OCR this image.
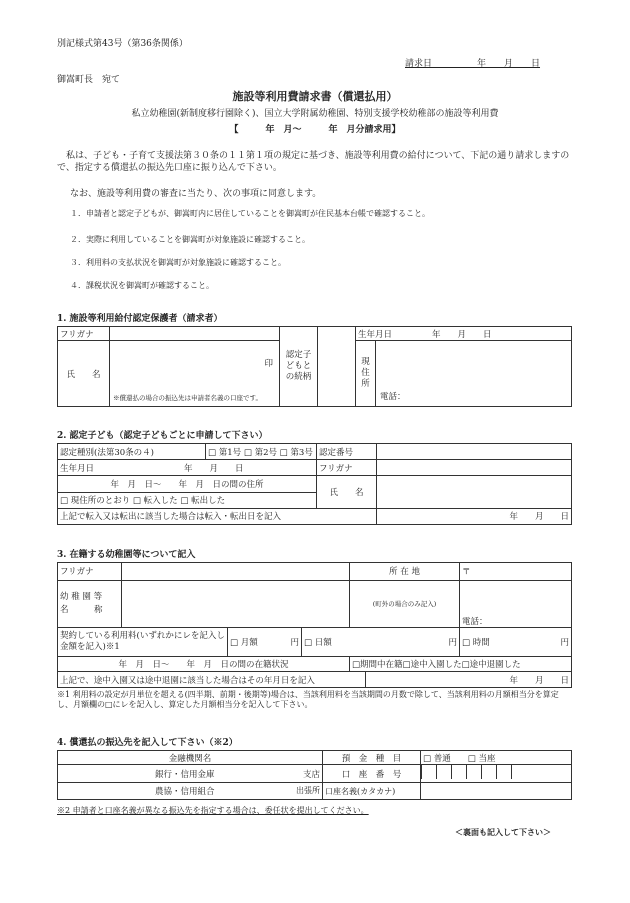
別記様式第43号（第36条関係）
請求日　　　　　年　　月　　日
御嵩町長　宛て
施設等利用費請求書（償還払用）
私立幼稚園(新制度移行園除く)、国立大学附属幼稚園、特別支援学校幼稚部の施設等利用費
【　　　年　月～　　　年　月分請求用】
私は、子ども・子育て支援法第３０条の１１第１項の規定に基づき、施設等利用費の給付について、下記の通り請求しますので、指定する償還払の振込先口座に振り込んで下さい。
なお、施設等利用費の審査に当たり、次の事項に同意します。
１．申請者と認定子どもが、御嵩町内に居住していることを御嵩町が住民基本台帳で確認すること。
２．実際に利用していることを御嵩町が対象施設に確認すること。
３．利用料の支払状況を御嵩町が対象施設に確認すること。
４．課税状況を御嵩町が確認すること。
1. 施設等利用給付認定保護者（請求者）
フリガナ		認定子どもとの続柄		生年月日 年　　月　　日	
氏　　名	印
※償還払の場合の振込先は申請者名義の口座です。			現住所	電話：
2. 認定子ども（認定子どもごとに申請して下さい）
認定種別(法第30条の４)	□ 第1号 □ 第2号 □ 第3号	認定番号	
生年月日 年　　月　　日		フリガナ	
年　月　日～　　年　月　日の間の住所		氏　　名	
□ 現住所のとおり □ 転入した □ 転出した			
上記で転入又は転出に該当した場合は転入・転出日を記入			年　　月　　日
3. 在籍する幼稚園等について記入
フリガナ				所 在 地		〒
幼 稚 園 等
名　　　称				(町外の場合のみ記入)		電話：
契約している利用料(いずれかにレを記入し金額を記入)※1		□ 月額 円	□ 日額 円			□ 時間 円

年　月　日～　　年　月　日の間の在籍状況				□期間中在籍□途中入園した□途中退園した		
上記で、途中入園又は途中退園に該当した場合はその年月日を記入					年　　月　　日	
※1 利用料の設定が月単位を超える(四半期、前期・後期等)場合は、当該利用料を当該期間の月数で除して、当該利用料の月額相当分を算定し、月額欄の□にレを記入し、算定した月額相当分を記入して下さい。
4. 償還払の振込先を記入して下さい（※2）
金融機関名	預　金　種　目	□ 普通　　□ 当座
銀行・信用金庫 支店	口　座　番　号	
農協・信用組合 出張所	口座名義(カタカナ)	
※2 申請者と口座名義が異なる振込先を指定する場合は、委任状を提出してください。
＜裏面も記入して下さい＞
